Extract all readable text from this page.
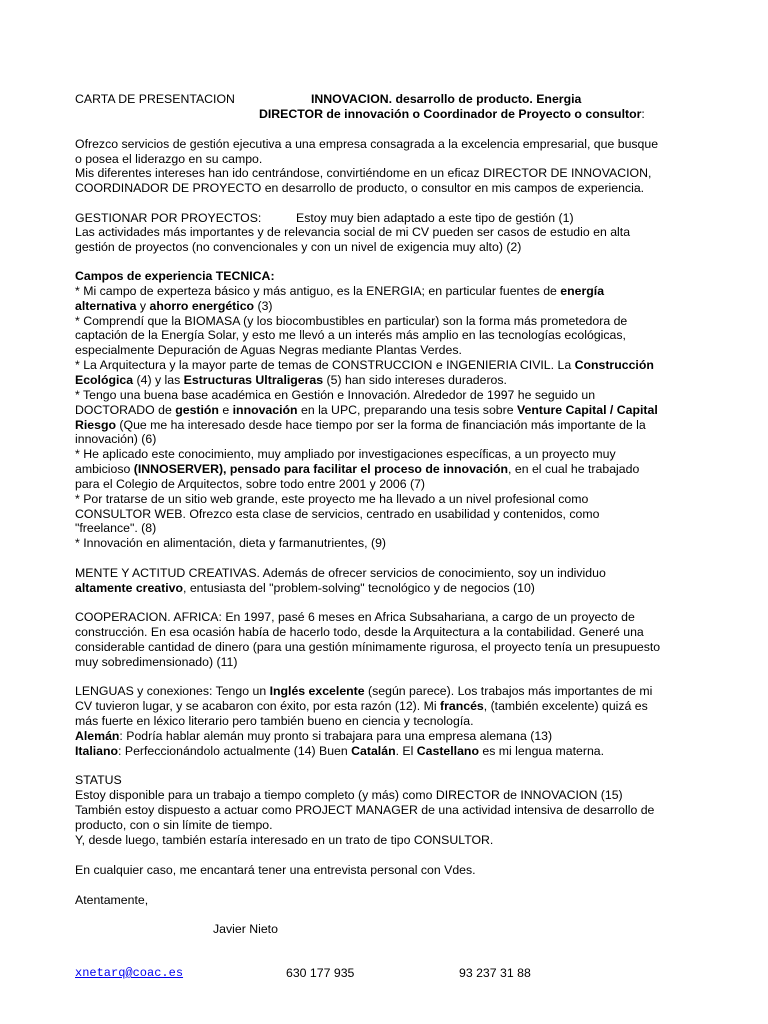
CARTA DE PRESENTACION	INNOVACION. desarrollo de producto. Energia
DIRECTOR de innovación o Coordinador de Proyecto o consultor:
Ofrezco servicios de gestión ejecutiva a una empresa consagrada a la excelencia empresarial, que busque
o posea el liderazgo en su campo.
Mis diferentes intereses han ido centrándose, convirtiéndome en un eficaz DIRECTOR DE INNOVACION,
COORDINADOR DE PROYECTO en desarrollo de producto, o consultor en mis campos de experiencia.
GESTIONAR POR PROYECTOS:	Estoy muy bien adaptado a este tipo de gestión (1)
Las actividades más importantes y de relevancia social de mi CV pueden ser casos de estudio en alta
gestión de proyectos (no convencionales y con un nivel de exigencia muy alto) (2)
Campos de experiencia TECNICA:
* Mi campo de experteza básico y más antiguo, es la ENERGIA; en particular fuentes de energía
alternativa y ahorro energético (3)
* Comprendí que la BIOMASA (y los biocombustibles en particular) son la forma más prometedora de
captación de la Energía Solar, y esto me llevó a un interés más amplio en las tecnologías ecológicas,
especialmente Depuración de Aguas Negras mediante Plantas Verdes.
* La Arquitectura y la mayor parte de temas de CONSTRUCCION e INGENIERIA CIVIL. La Construcción
Ecológica (4) y las Estructuras Ultraligeras (5) han sido intereses duraderos.
* Tengo una buena base académica en Gestión e Innovación. Alrededor de 1997 he seguido un
DOCTORADO de gestión e innovación en la UPC, preparando una tesis sobre Venture Capital / Capital
Riesgo (Que me ha interesado desde hace tiempo por ser la forma de financiación más importante de la
innovación) (6)
* He aplicado este conocimiento, muy ampliado por investigaciones específicas, a un proyecto muy
ambicioso (INNOSERVER), pensado para facilitar el proceso de innovación, en el cual he trabajado
para el Colegio de Arquitectos, sobre todo entre 2001 y 2006 (7)
* Por tratarse de un sitio web grande, este proyecto me ha llevado a un nivel profesional como
CONSULTOR WEB. Ofrezco esta clase de servicios, centrado en usabilidad y contenidos, como
"freelance". (8)
* Innovación en alimentación, dieta y farmanutrientes, (9)
MENTE Y ACTITUD CREATIVAS. Además de ofrecer servicios de conocimiento, soy un individuo
altamente creativo, entusiasta del "problem-solving" tecnológico y de negocios (10)
COOPERACION. AFRICA: En 1997, pasé 6 meses en Africa Subsahariana, a cargo de un proyecto de
construcción. En esa ocasión había de hacerlo todo, desde la Arquitectura a la contabilidad. Generé una
considerable cantidad de dinero (para una gestión mínimamente rigurosa, el proyecto tenía un presupuesto
muy sobredimensionado) (11)
LENGUAS y conexiones: Tengo un Inglés excelente (según parece). Los trabajos más importantes de mi
CV tuvieron lugar, y se acabaron con éxito, por esta razón (12). Mi francés, (también excelente) quizá es
más fuerte en léxico literario pero también bueno en ciencia y tecnología.
Alemán: Podría hablar alemán muy pronto si trabajara para una empresa alemana (13)
Italiano: Perfeccionándolo actualmente (14) Buen Catalán. El Castellano es mi lengua materna.
STATUS
Estoy disponible para un trabajo a tiempo completo (y más) como DIRECTOR de INNOVACION (15)
También estoy dispuesto a actuar como PROJECT MANAGER de una actividad intensiva de desarrollo de
producto, con o sin límite de tiempo.
Y, desde luego, también estaría interesado en un trato de tipo CONSULTOR.
En cualquier caso, me encantará tener una entrevista personal con Vdes.
Atentamente,
Javier Nieto
xnetarq@coac.es	630 177 935	93 237 31 88
